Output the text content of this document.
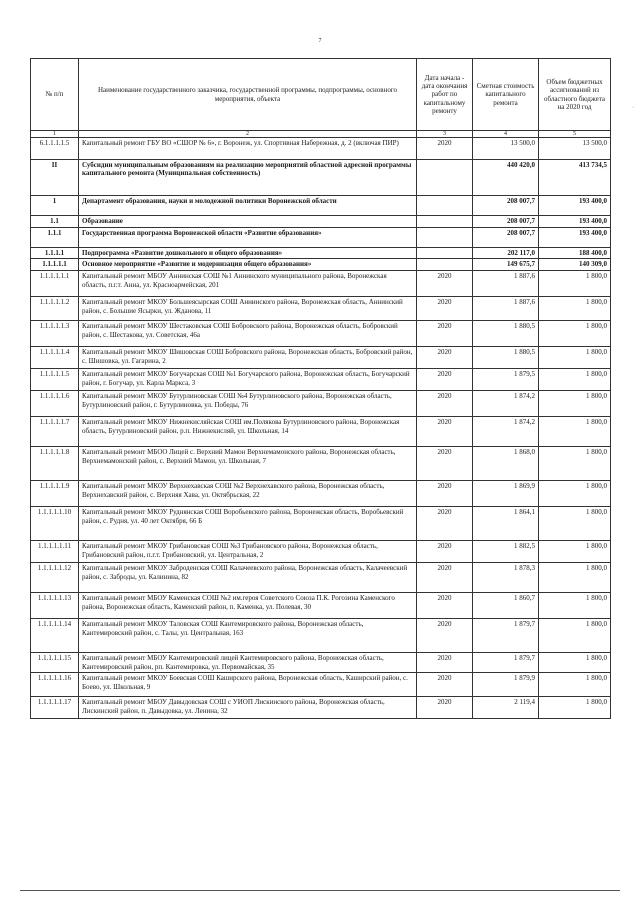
7
№ п/п	Наименование государственного заказчика, государственной программы, подпрограммы, основного мероприятия, объекта	Дата начала - дата окончания работ по капитальному ремонту	Сметная стоимость капитального ремонта	Объем бюджетных ассигнований из областного бюджета на 2020 год
1	2	3	4	5
6.1.1.1.1.5	Капитальный ремонт ГБУ ВО «СШОР № 6», г. Воронеж, ул. Спортивная Набережная, д. 2 (включая ПИР)	2020	13 500,0	13 500,0
II	Субсидии муниципальным образованиям на реализацию мероприятий областной адресной программы капитального ремонта (Муниципальная собственность)		440 420,0	413 734,5
1	Департамент образования, науки и молодежной политики Воронежской области		208 007,7	193 400,0
1.1	Образование		208 007,7	193 400,0
1.1.1	Государственная программа Воронежской области «Развитие образования»		208 007,7	193 400,0
1.1.1.1	Подпрограмма «Развитие дошкольного и общего образования»		202 117,0	188 400,0
1.1.1.1.1	Основное мероприятие «Развитие и модернизация общего образования»		149 675,7	140 309,0
1.1.1.1.1.1	Капитальный ремонт МБОУ Аннинская СОШ №1 Аннинского муниципального района, Воронежская область, п.г.т. Анна, ул. Красноармейская, 201	2020	1 887,6	1 800,0
1.1.1.1.1.2	Капитальный ремонт МКОУ Большеясырская СОШ Аннинского района, Воронежская область, Аннинский район, с. Большие Ясырки, ул. Жданова, 11	2020	1 887,6	1 800,0
1.1.1.1.1.3	Капитальный ремонт МКОУ Шестаковская СОШ Бобровского района, Воронежская область, Бобровский район, с. Шестакова, ул. Советская, 46а	2020	1 880,5	1 800,0
1.1.1.1.1.4	Капитальный ремонт МКОУ Шишовская СОШ Бобровского района, Воронежская область, Бобровский район, с. Шишовка, ул. Гагарина, 2	2020	1 880,5	1 800,0
1.1.1.1.1.5	Капитальный ремонт МКОУ Богучарская СОШ №1 Богучарского района, Воронежская область, Богучарский район, г. Богучар, ул. Карла Маркса, 3	2020	1 879,5	1 800,0
1.1.1.1.1.6	Капитальный ремонт МКОУ Бутурлиновская СОШ №4 Бутурлиновского района, Воронежская область, Бутурлиновский район, г. Бутурлиновка, ул. Победы, 76	2020	1 874,2	1 800,0
1.1.1.1.1.7	Капитальный ремонт МКОУ Нижнекисляйская СОШ им.Полякова Бутурлиновского района, Воронежская область, Бутурлиновский район, р.п. Нижнекисляй, ул. Школьная, 14	2020	1 874,2	1 800,0
1.1.1.1.1.8	Капитальный ремонт МБОО Лицей с. Верхний Мамон Верхнемамонского района, Воронежская область, Верхнемамонский район, с. Верхний Мамон, ул. Школьная, 7	2020	1 868,0	1 800,0
1.1.1.1.1.9	Капитальный ремонт МКОУ Верхнехавская СОШ №2 Верхнехавского района, Воронежская область, Верхнехавский район, с. Верхняя Хава, ул. Октябрьская, 22	2020	1 869,9	1 800,0
1.1.1.1.1.10	Капитальный ремонт МКОУ Руднянская СОШ Воробьевского района, Воронежская область, Воробьевский район, с. Рудня, ул. 40 лет Октября, 66 Б	2020	1 864,1	1 800,0
1.1.1.1.1.11	Капитальный ремонт МКОУ Грибановская СОШ №3 Грибановского района, Воронежская область, Грибановский район, п.г.т. Грибановский, ул. Центральная, 2	2020	1 882,5	1 800,0
1.1.1.1.1.12	Капитальный ремонт МКОУ Заброденская СОШ Калачеевского района, Воронежская область, Калачеевский район, с. Заброды, ул. Калинина, 82	2020	1 878,3	1 800,0
1.1.1.1.1.13	Капитальный ремонт МБОУ Каменская СОШ №2 им.героя Советского Союза П.К. Рогозина Каменского района, Воронежская область, Каменский район, п. Каменка, ул. Полевая, 30	2020	1 860,7	1 800,0
1.1.1.1.1.14	Капитальный ремонт МКОУ Таловская СОШ Кантемировского района, Воронежская область, Кантемировский район, с. Талы, ул. Центральная, 163	2020	1 879,7	1 800,0
1.1.1.1.1.15	Капитальный ремонт МБОУ Кантемировский лицей Кантемировского района, Воронежская область, Кантемировский район, рп. Кантемировка, ул. Первомайская, 35	2020	1 879,7	1 800,0
1.1.1.1.1.16	Капитальный ремонт МКОУ Боевская СОШ Каширского района, Воронежская область, Каширский район, с. Боево, ул. Школьная, 9	2020	1 879,9	1 800,0
1.1.1.1.1.17	Капитальный ремонт МБОУ Давыдовская СОШ с УИОП Лискинского района, Воронежская область, Лискинский район, п. Давыдовка, ул. Ленина, 32	2020	2 119,4	1 800,0
·
